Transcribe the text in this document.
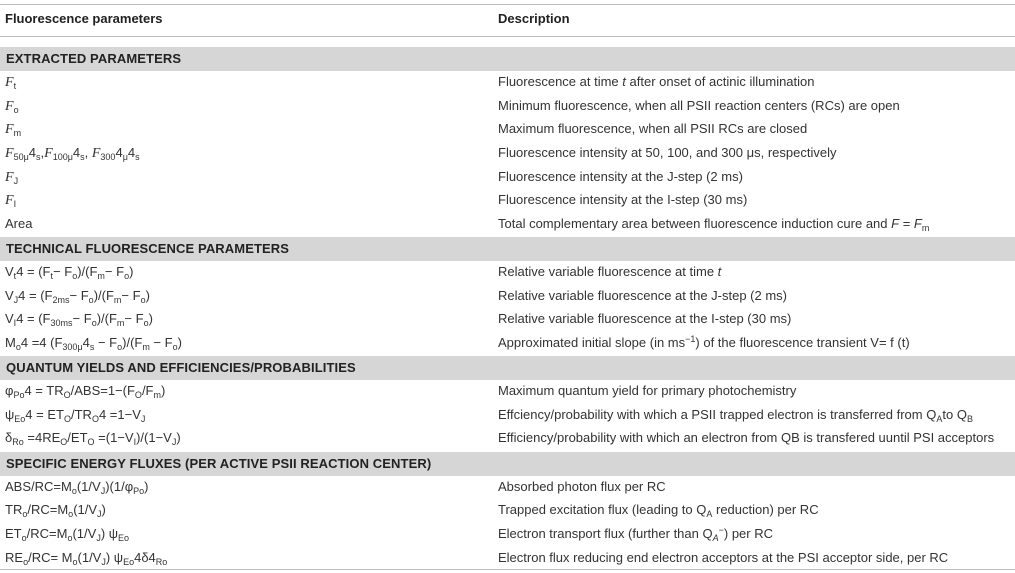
Fluorescence parameters	Description
EXTRACTED PARAMETERS
$F_t$	Fluorescence at time t after onset of actinic illumination
$F_o$	Minimum fluorescence, when all PSII reaction centers (RCs) are open
$F_m$	Maximum fluorescence, when all PSII RCs are closed
$F_{50\mu}4_s,F_{100\mu}4_s$, $F_{300}4_\mu 4_s$	Fluorescence intensity at 50, 100, and 300 μs, respectively
$F_J$	Fluorescence intensity at the J-step (2 ms)
$F_I$	Fluorescence intensity at the I-step (30 ms)
Area	Total complementary area between fluorescence induction cure and $F = F_m$
TECHNICAL FLUORESCENCE PARAMETERS
$V_t4 = (F_t- F_o)/(F_m- F_o)$	Relative variable fluorescence at time t
$V_J4 = (F_{2ms}- F_o)/(F_m- F_o)$	Relative variable fluorescence at the J-step (2 ms)
$V_I4 = (F_{30ms}- F_o)/(F_m- F_o)$	Relative variable fluorescence at the I-step (30 ms)
$M_o4 =4$ $(F_{300\mu}4_s - F_o)/(F_m - F_o)$	Approximated initial slope (in $ms^{-1}$) of the fluorescence transient V= f (t)
QUANTUM YIELDS AND EFFICIENCIES/PROBABILITIES
$\varphi_{Po}4 = TR_O/ABS=1-(F_O/F_m)$	Maximum quantum yield for primary photochemistry
$\psi_{Eo}4 = ET_O/TR_O4 =1-V_J$	Effciency/probability with which a PSII trapped electron is transferred from $Q_Ato$ $Q_B$
$\delta_{Ro} =4RE_O/ET_O =(1-V_I)/(1-V_J)$	Efficiency/probability with which an electron from QB is transfered uuntil PSI acceptors
SPECIFIC ENERGY FLUXES (PER ACTIVE PSII REACTION CENTER)
ABS/$RC=M_o(1/V_J)(1/\varphi_{Po})$	Absorbed photon flux per RC
$TR_o/RC=M_o(1/V_J)$	Trapped excitation flux (leading to $Q_A$ reduction) per RC
$ET_o/RC=M_o(1/V_J)$ $\psi_{Eo}$	Electron transport flux (further than $Q_A^-$) per RC
$RE_o/RC= M_o(1/V_J)$ $\psi_{Eo}4\delta 4_{Ro}$	Electron flux reducing end electron acceptors at the PSI acceptor side, per RC
